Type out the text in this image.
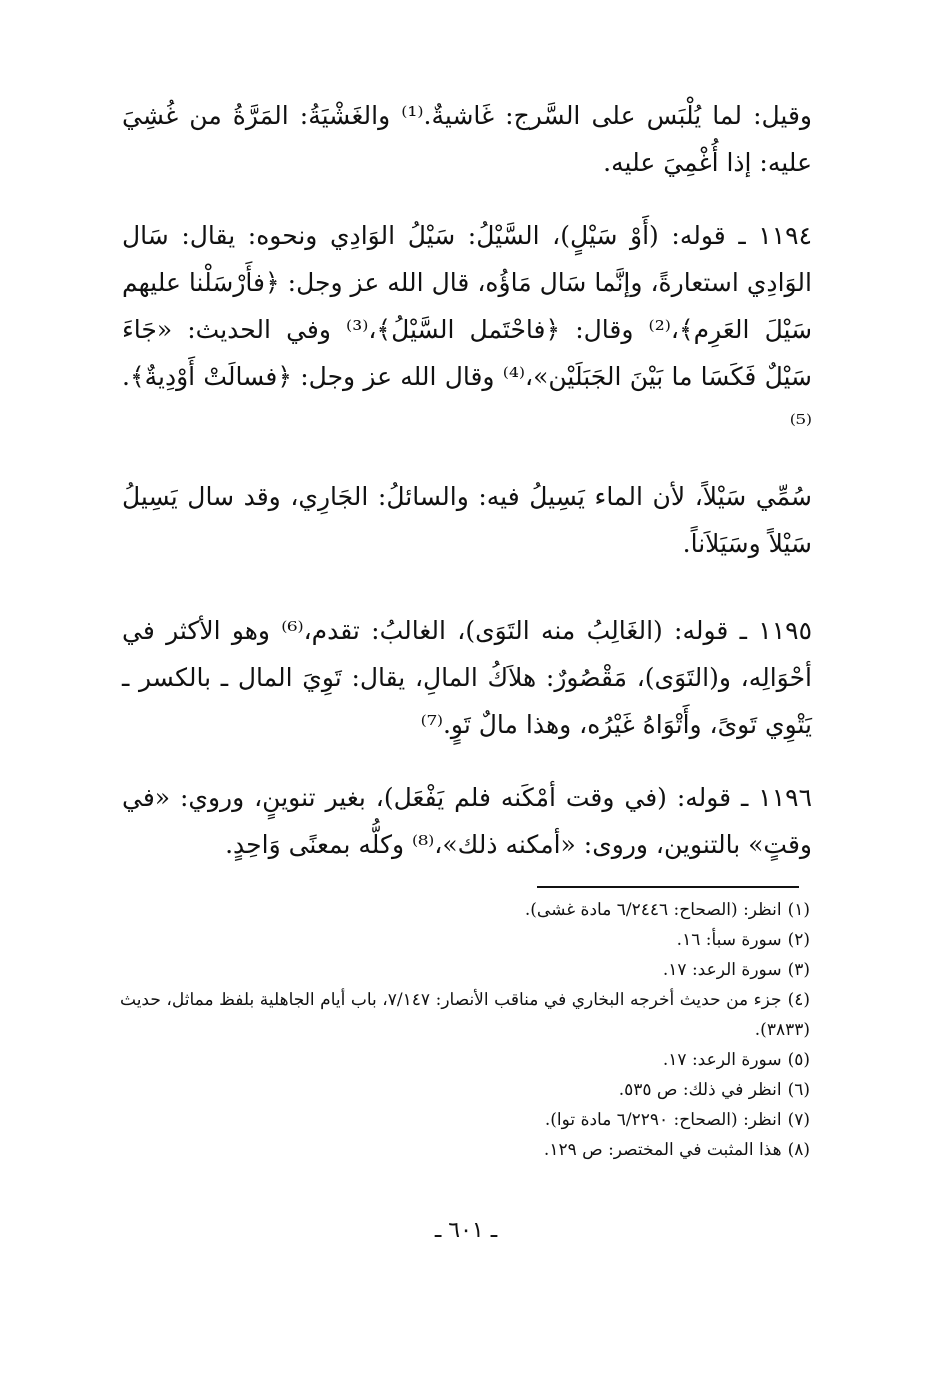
وقيل: لما يُلْبَس على السَّرج: غَاشيةٌ.⁽¹⁾ والغَشْيَةُ: المَرَّةُ من غُشِيَ عليه: إذا أُغْمِيَ عليه.

١١٩٤ ـ قوله: (أَوْ سَيْلٍ)، السَّيْلُ: سَيْلُ الوَادِي ونحوه: يقال: سَال الوَادِي استعارةً، وإنَّما سَال مَاؤُه، قال الله عز وجل: ﴿فأَرْسَلْنا عليهم سَيْلَ العَرِم﴾،⁽²⁾ وقال: ﴿فاحْتَمل السَّيْلُ﴾،⁽³⁾ وفي الحديث: «جَاءَ سَيْلٌ فَكَسَا ما بَيْنَ الجَبَلَيْن»،⁽⁴⁾ وقال الله عز وجل: ﴿فسالَتْ أَوْدِيةٌ﴾.⁽⁵⁾

سُمِّي سَيْلاً، لأن الماء يَسِيلُ فيه: والسائلُ: الجَارِي، وقد سال يَسِيلُ سَيْلاً وسَيَلاَناً.

١١٩٥ ـ قوله: (الغَالِبُ منه التَوَى)، الغالبُ: تقدم،⁽⁶⁾ وهو الأكثر في أحْوَالِه، و(التَوَى)، مَقْصُورٌ: هلاَكُ المالِ، يقال: تَوِيَ المال ـ بالكسر ـ يَتْوِي تَوىً، وأَتْوَاهُ غَيْرُه، وهذا مالٌ تَوٍ.⁽⁷⁾

١١٩٦ ـ قوله: (في وقت أمْكَنه فلم يَفْعَل)، بغير تنوينٍ، وروي: «في وقتٍ» بالتنوين، وروى: «أمكنه ذلك»،⁽⁸⁾ وكلُّه بمعنًى وَاحِدٍ.

(١)انظر: (الصحاح: ٦/٢٤٤٦ مادة غشى).
(٢)سورة سبأ: ١٦.
(٣)سورة الرعد: ١٧.
(٤)جزء من حديث أخرجه البخاري في مناقب الأنصار: ٧/١٤٧، باب أيام الجاهلية بلفظ مماثل، حديث (٣٨٣٣).
(٥)سورة الرعد: ١٧.
(٦)انظر في ذلك: ص ٥٣٥.
(٧)انظر: (الصحاح: ٦/٢٢٩٠ مادة توا).
(٨)هذا المثبت في المختصر: ص ١٢٩.
ـ ٦٠١ ـ
